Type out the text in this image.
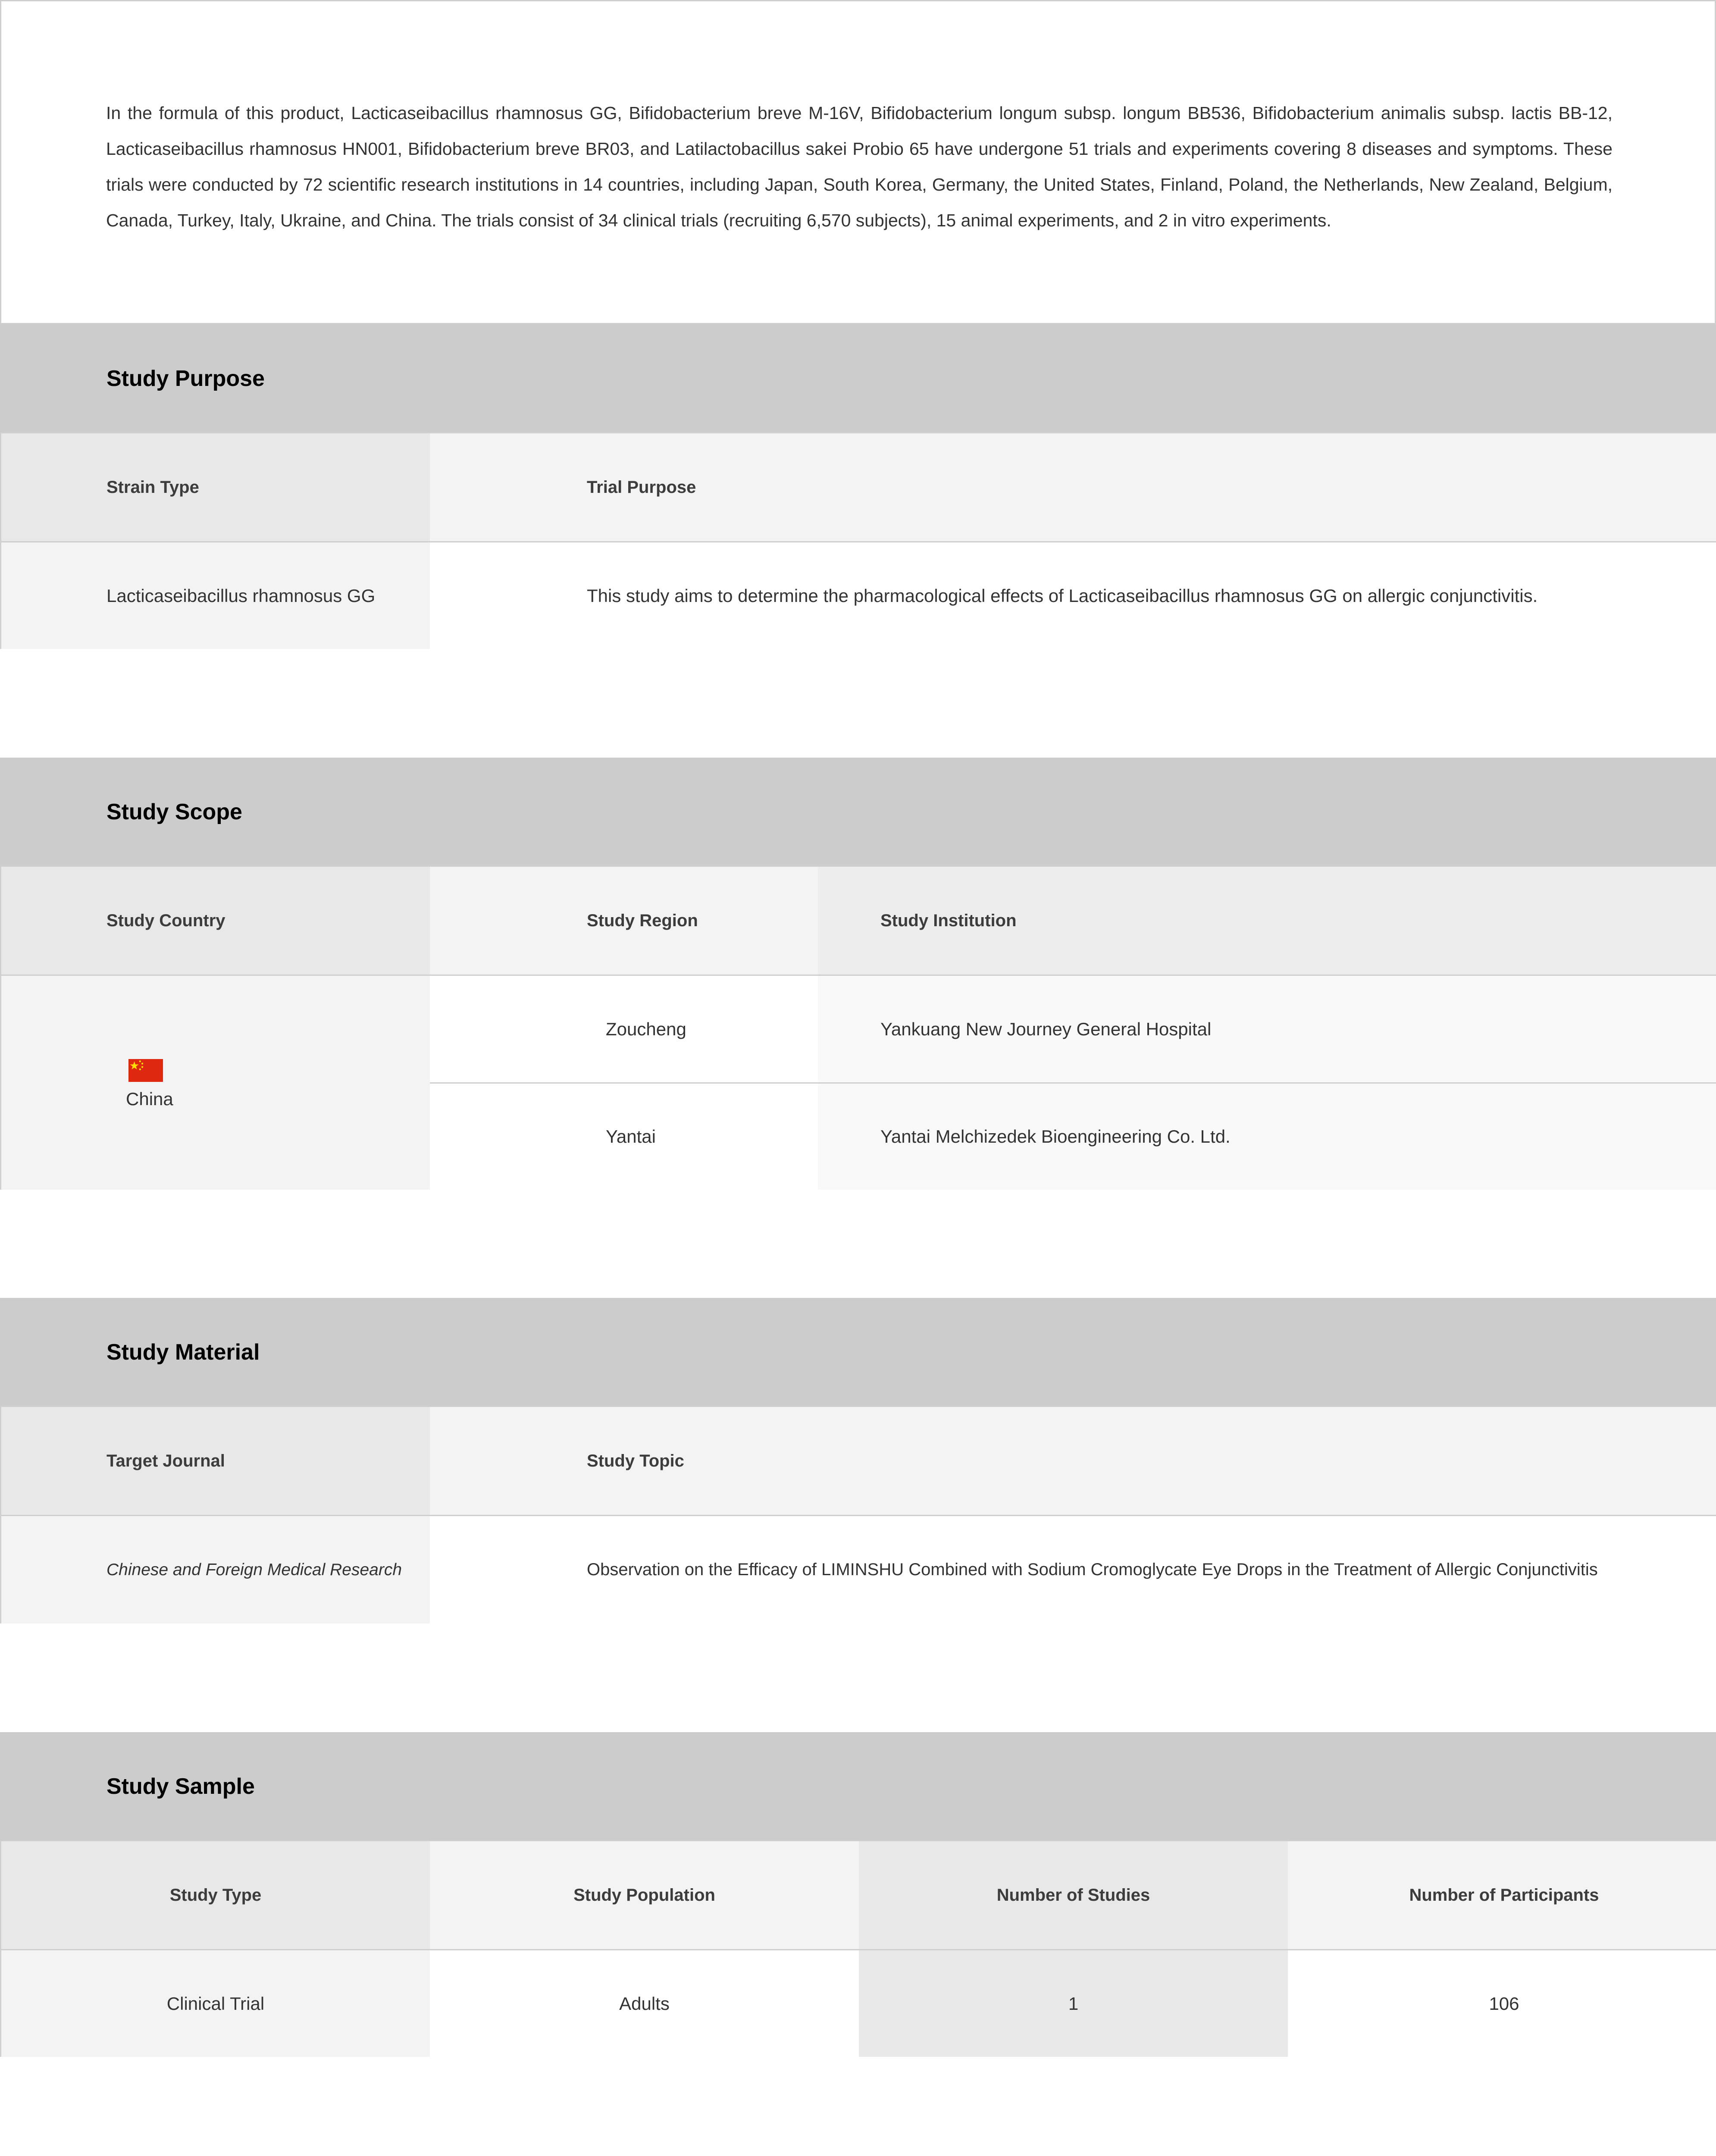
In the formula of this product, Lacticaseibacillus rhamnosus GG, Bifidobacterium breve M-16V, Bifidobacterium longum subsp. longum BB536, Bifidobacterium animalis subsp. lactis BB-12, Lacticaseibacillus rhamnosus HN001, Bifidobacterium breve BR03, and Latilactobacillus sakei Probio 65 have undergone 51 trials and experiments covering 8 diseases and symptoms. These trials were conducted by 72 scientific research institutions in 14 countries, including Japan, South Korea, Germany, the United States, Finland, Poland, the Netherlands, New Zealand, Belgium, Canada, Turkey, Italy, Ukraine, and China. The trials consist of 34 clinical trials (recruiting 6,570 subjects), 15 animal experiments, and 2 in vitro experiments.

Study Purpose
Strain Type	Trial Purpose
Lacticaseibacillus rhamnosus GG	This study aims to determine the pharmacological effects of Lacticaseibacillus rhamnosus GG on allergic conjunctivitis.
Study Scope
Study Country	Study Region	Study Institution
China
Zoucheng	Yankuang New Journey General Hospital
Yantai	Yantai Melchizedek Bioengineering Co. Ltd.
Study Material
Target Journal	Study Topic
Chinese and Foreign Medical Research	Observation on the Efficacy of LIMINSHU Combined with Sodium Cromoglycate Eye Drops in the Treatment of Allergic Conjunctivitis
Study Sample
Study Type	Study Population	Number of Studies	Number of Participants
Clinical Trial	Adults	1	106
